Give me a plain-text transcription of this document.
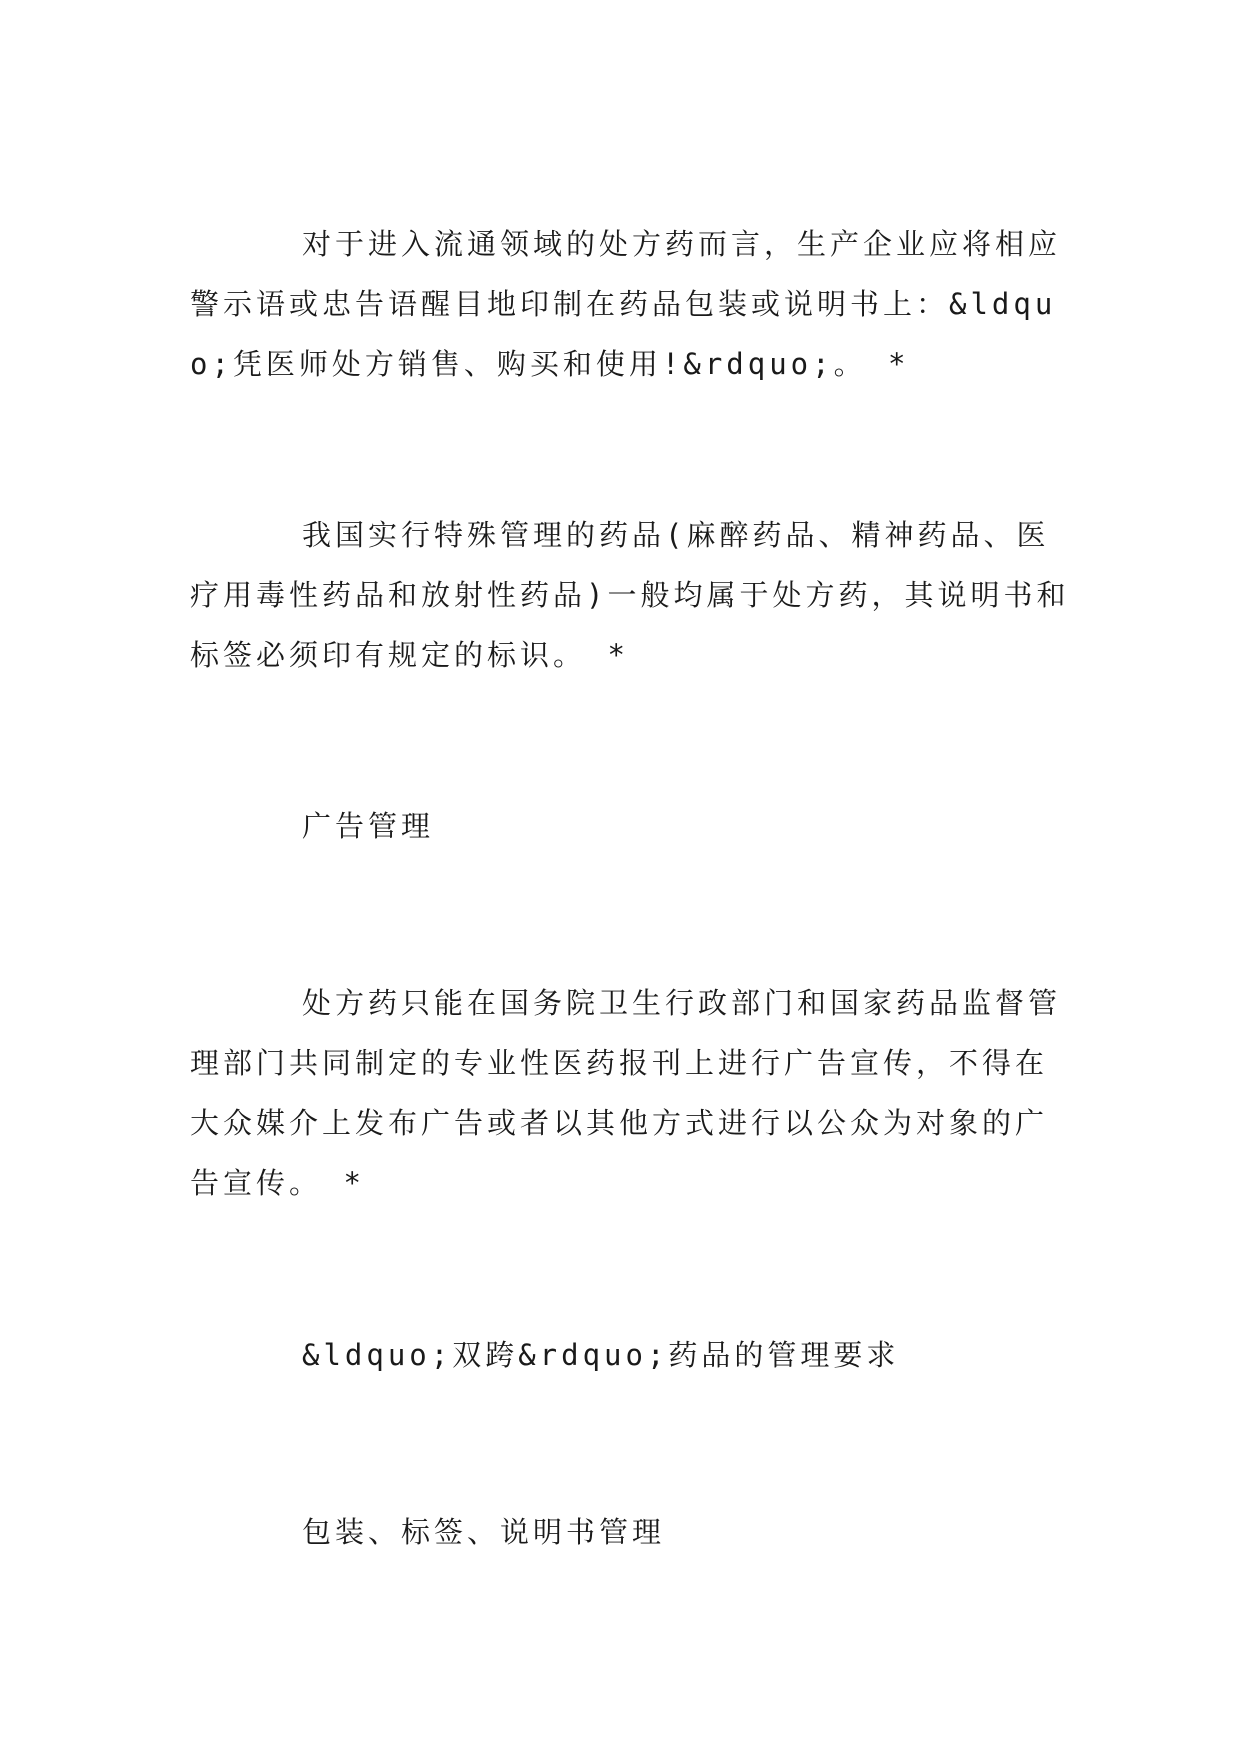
对于进入流通领域的处方药而言，生产企业应将相应警示语或忠告语醒目地印制在药品包装或说明书上：&ldquo;凭医师处方销售、购买和使用!&rdquo;。 *
我国实行特殊管理的药品(麻醉药品、精神药品、医疗用毒性药品和放射性药品)一般均属于处方药，其说明书和标签必须印有规定的标识。 *
广告管理
处方药只能在国务院卫生行政部门和国家药品监督管理部门共同制定的专业性医药报刊上进行广告宣传，不得在大众媒介上发布广告或者以其他方式进行以公众为对象的广告宣传。 *
&ldquo;双跨&rdquo;药品的管理要求
包装、标签、说明书管理
